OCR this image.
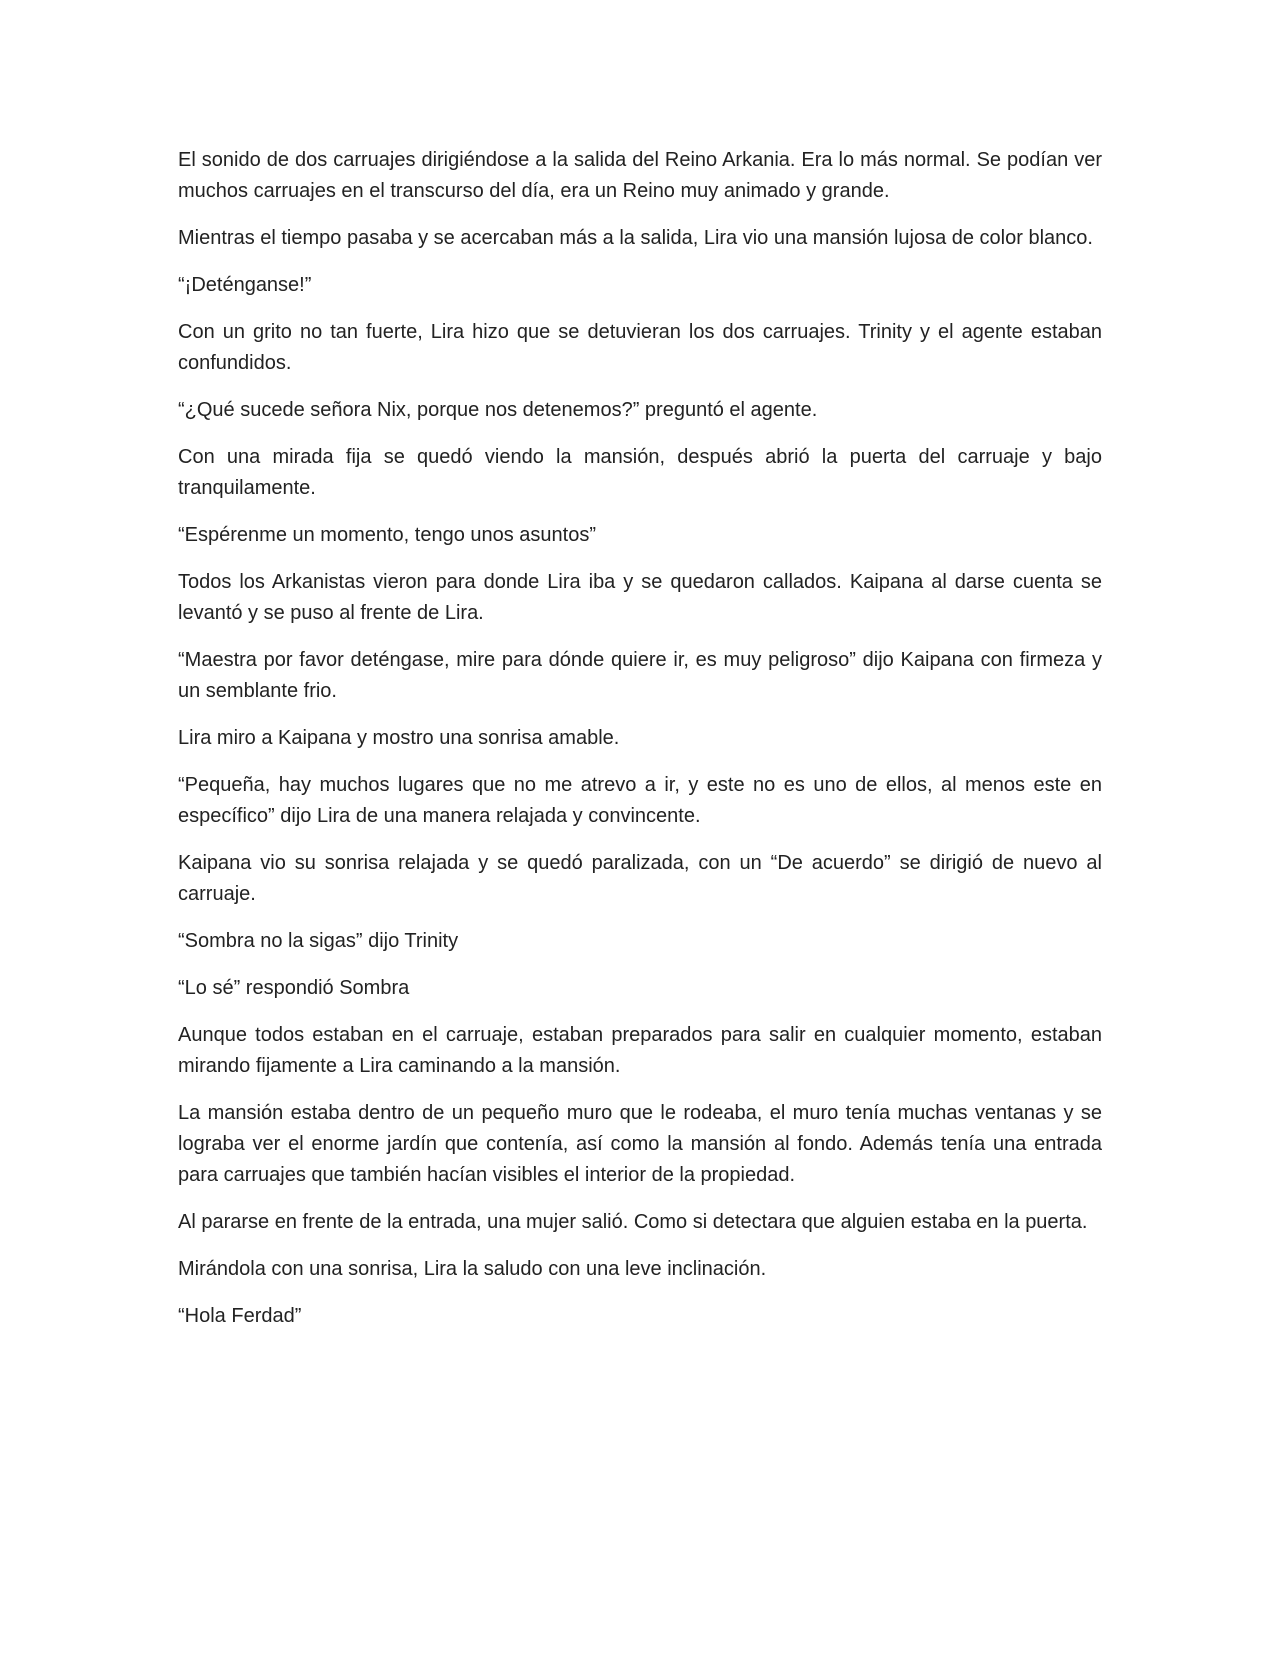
El sonido de dos carruajes dirigiéndose a la salida del Reino Arkania. Era lo más normal. Se podían ver muchos carruajes en el transcurso del día, era un Reino muy animado y grande.

Mientras el tiempo pasaba y se acercaban más a la salida, Lira vio una mansión lujosa de color blanco.

“¡Deténganse!”

Con un grito no tan fuerte, Lira hizo que se detuvieran los dos carruajes. Trinity y el agente estaban confundidos.

“¿Qué sucede señora Nix, porque nos detenemos?” preguntó el agente.

Con una mirada fija se quedó viendo la mansión, después abrió la puerta del carruaje y bajo tranquilamente.

“Espérenme un momento, tengo unos asuntos”

Todos los Arkanistas vieron para donde Lira iba y se quedaron callados. Kaipana al darse cuenta se levantó y se puso al frente de Lira.

“Maestra por favor deténgase, mire para dónde quiere ir, es muy peligroso” dijo Kaipana con firmeza y un semblante frio.

Lira miro a Kaipana y mostro una sonrisa amable.

“Pequeña, hay muchos lugares que no me atrevo a ir, y este no es uno de ellos, al menos este en específico” dijo Lira de una manera relajada y convincente.

Kaipana vio su sonrisa relajada y se quedó paralizada, con un “De acuerdo” se dirigió de nuevo al carruaje.

“Sombra no la sigas” dijo Trinity

“Lo sé” respondió Sombra

Aunque todos estaban en el carruaje, estaban preparados para salir en cualquier momento, estaban mirando fijamente a Lira caminando a la mansión.

La mansión estaba dentro de un pequeño muro que le rodeaba, el muro tenía muchas ventanas y se lograba ver el enorme jardín que contenía, así como la mansión al fondo. Además tenía una entrada para carruajes que también hacían visibles el interior de la propiedad.

Al pararse en frente de la entrada, una mujer salió. Como si detectara que alguien estaba en la puerta.

Mirándola con una sonrisa, Lira la saludo con una leve inclinación.

“Hola Ferdad”
